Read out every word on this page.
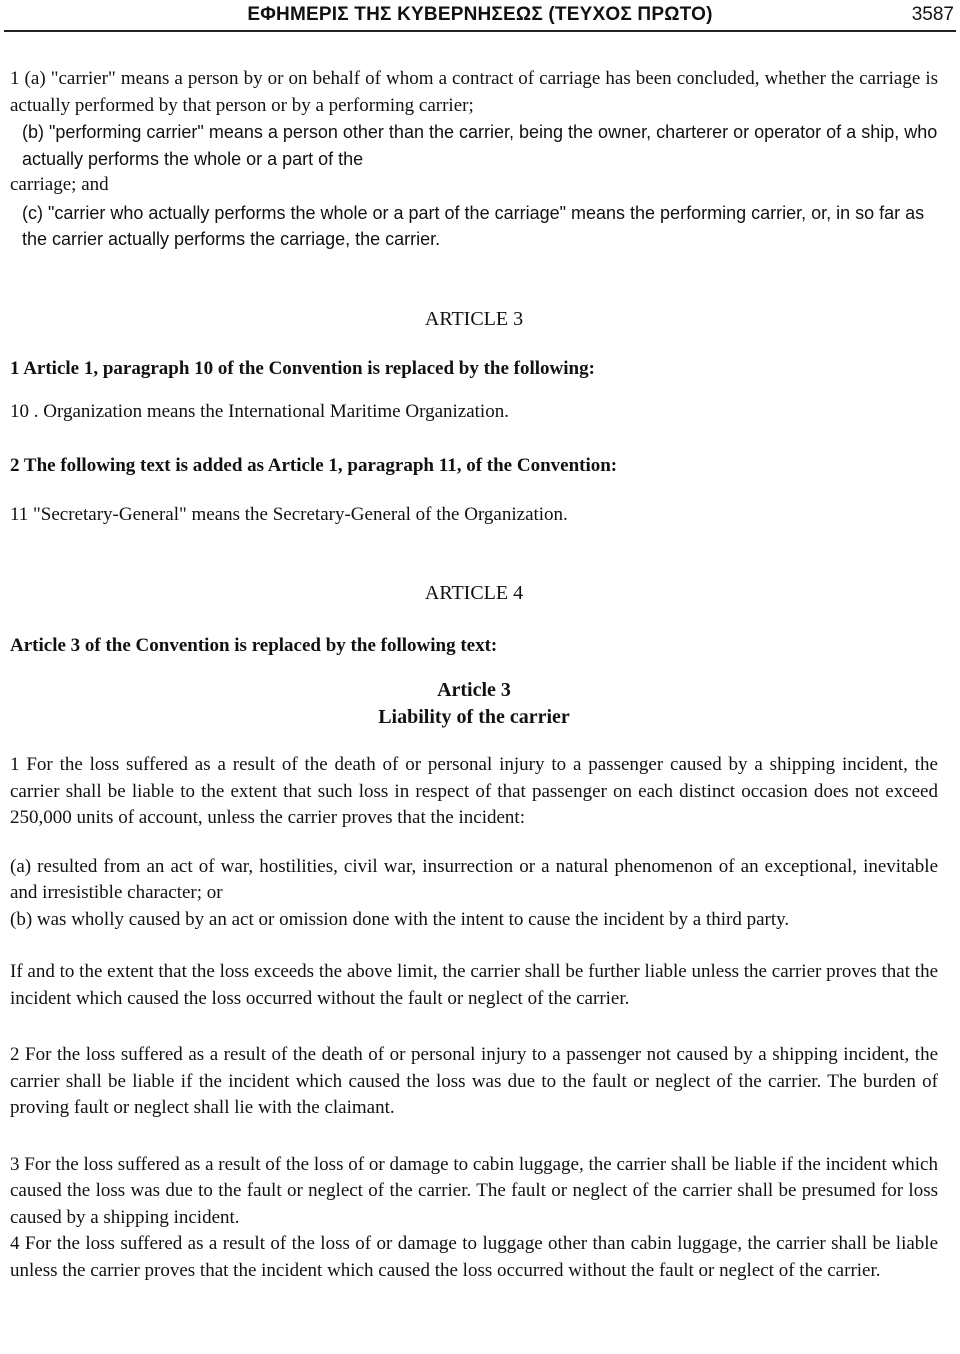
ΕΦΗΜΕΡΙΣ ΤΗΣ ΚΥΒΕΡΝΗΣΕΩΣ (ΤΕΥΧΟΣ ΠΡΩΤΟ)	3587

1 (a) "carrier" means a person by or on behalf of whom a contract of carriage has been concluded, whether the carriage is actually performed by that person or by a performing carrier;

(b) "performing carrier" means a person other than the carrier, being the owner, charterer or operator of a ship, who actually performs the whole or a part of the

carriage; and

(c) "carrier who actually performs the whole or a part of the carriage" means the performing carrier, or, in so far as the carrier actually performs the carriage, the carrier.

ARTICLE 3

1 Article 1, paragraph 10 of the Convention is replaced by the following:

10 . Organization means the International Maritime Organization.

2 The following text is added as Article 1, paragraph 11, of the Convention:

11 "Secretary-General" means the Secretary-General of the Organization.

ARTICLE 4

Article 3 of the Convention is replaced by the following text:

Article 3

Liability of the carrier

1 For the loss suffered as a result of the death of or personal injury to a passenger caused by a shipping incident, the carrier shall be liable to the extent that such loss in respect of that passenger on each distinct occasion does not exceed 250,000 units of account, unless the carrier proves that the incident:

(a) resulted from an act of war, hostilities, civil war, insurrection or a natural phenomenon of an exceptional, inevitable and irresistible character; or

(b) was wholly caused by an act or omission done with the intent to cause the incident by a third party.

If and to the extent that the loss exceeds the above limit, the carrier shall be further liable unless the carrier proves that the incident which caused the loss occurred without the fault or neglect of the carrier.

2 For the loss suffered as a result of the death of or personal injury to a passenger not caused by a shipping incident, the carrier shall be liable if the incident which caused the loss was due to the fault or neglect of the carrier. The burden of proving fault or neglect shall lie with the claimant.

3 For the loss suffered as a result of the loss of or damage to cabin luggage, the carrier shall be liable if the incident which caused the loss was due to the fault or neglect of the carrier. The fault or neglect of the carrier shall be presumed for loss caused by a shipping incident.

4 For the loss suffered as a result of the loss of or damage to luggage other than cabin luggage, the carrier shall be liable unless the carrier proves that the incident which caused the loss occurred without the fault or neglect of the carrier.
